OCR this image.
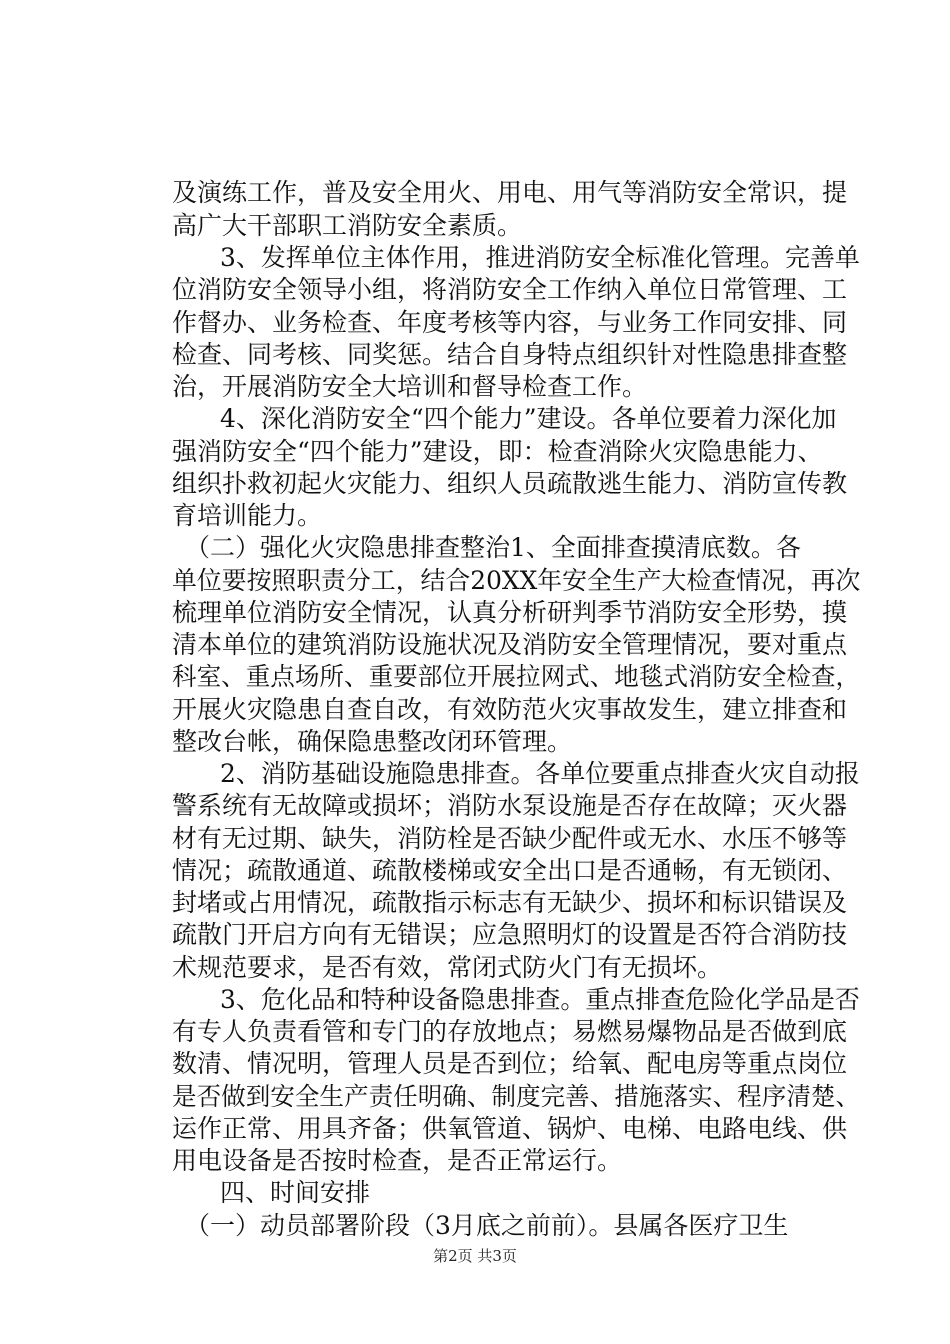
及演练工作，普及安全用火、用电、用气等消防安全常识，提
高广大干部职工消防安全素质。
3、发挥单位主体作用，推进消防安全标准化管理。完善单
位消防安全领导小组，将消防安全工作纳入单位日常管理、工
作督办、业务检查、年度考核等内容，与业务工作同安排、同
检查、同考核、同奖惩。结合自身特点组织针对性隐患排查整
治，开展消防安全大培训和督导检查工作。
4、深化消防安全“四个能力”建设。各单位要着力深化加
强消防安全“四个能力”建设，即：检查消除火灾隐患能力、
组织扑救初起火灾能力、组织人员疏散逃生能力、消防宣传教
育培训能力。
（二）强化火灾隐患排查整治1、全面排查摸清底数。各
单位要按照职责分工，结合20XX年安全生产大检查情况，再次
梳理单位消防安全情况，认真分析研判季节消防安全形势，摸
清本单位的建筑消防设施状况及消防安全管理情况，要对重点
科室、重点场所、重要部位开展拉网式、地毯式消防安全检查，
开展火灾隐患自查自改，有效防范火灾事故发生，建立排查和
整改台帐，确保隐患整改闭环管理。
2、消防基础设施隐患排查。各单位要重点排查火灾自动报
警系统有无故障或损坏；消防水泵设施是否存在故障；灭火器
材有无过期、缺失，消防栓是否缺少配件或无水、水压不够等
情况；疏散通道、疏散楼梯或安全出口是否通畅，有无锁闭、
封堵或占用情况，疏散指示标志有无缺少、损坏和标识错误及
疏散门开启方向有无错误；应急照明灯的设置是否符合消防技
术规范要求，是否有效，常闭式防火门有无损坏。
3、危化品和特种设备隐患排查。重点排查危险化学品是否
有专人负责看管和专门的存放地点；易燃易爆物品是否做到底
数清、情况明，管理人员是否到位；给氧、配电房等重点岗位
是否做到安全生产责任明确、制度完善、措施落实、程序清楚、
运作正常、用具齐备；供氧管道、锅炉、电梯、电路电线、供
用电设备是否按时检查，是否正常运行。
四、时间安排
（一）动员部署阶段（3月底之前前）。县属各医疗卫生
第2页 共3页
